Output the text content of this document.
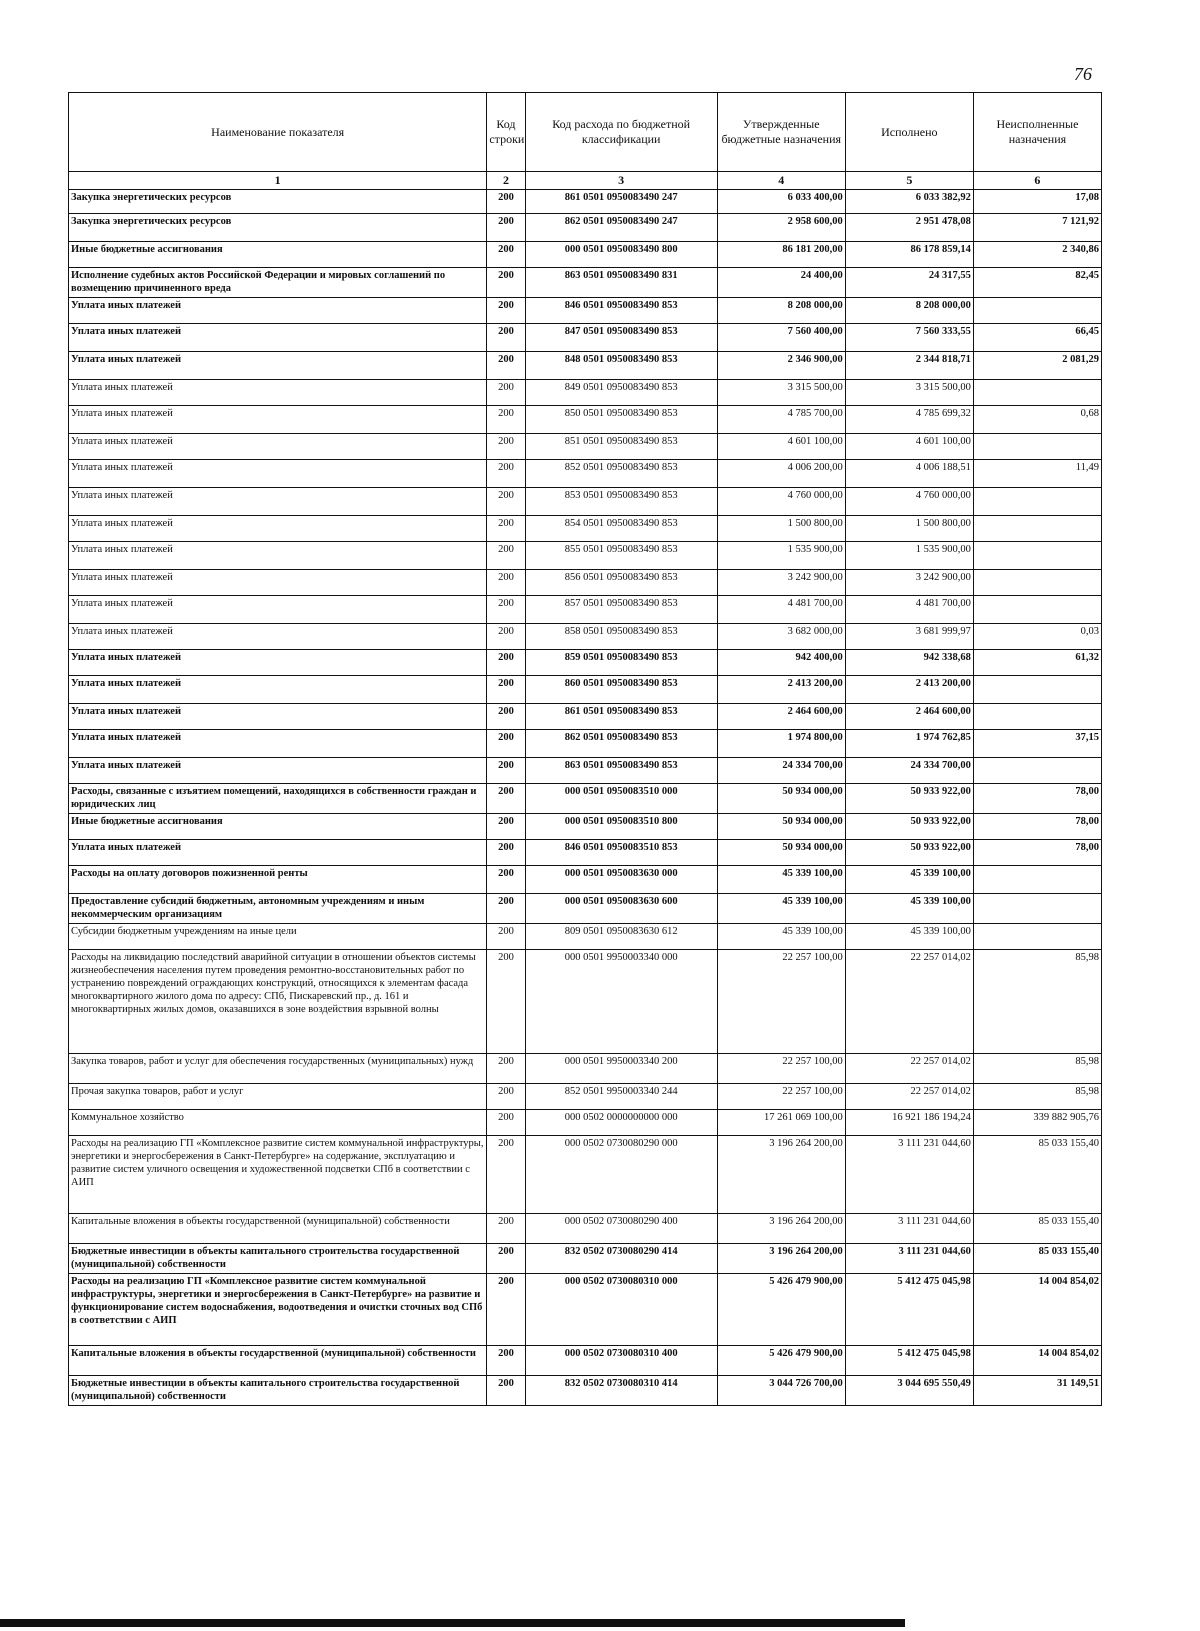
76
Наименование показателя	Код строки	Код расхода по бюджетной классификации	Утвержденные бюджетные назначения	Исполнено	Неисполненные назначения
1	2	3	4	5	6
Закупка энергетических ресурсов	200	861 0501 0950083490 247	6 033 400,00	6 033 382,92	17,08
Закупка энергетических ресурсов	200	862 0501 0950083490 247	2 958 600,00	2 951 478,08	7 121,92
Иные бюджетные ассигнования	200	000 0501 0950083490 800	86 181 200,00	86 178 859,14	2 340,86
Исполнение судебных актов Российской Федерации и мировых соглашений по возмещению причиненного вреда	200	863 0501 0950083490 831	24 400,00	24 317,55	82,45
Уплата иных платежей	200	846 0501 0950083490 853	8 208 000,00	8 208 000,00	
Уплата иных платежей	200	847 0501 0950083490 853	7 560 400,00	7 560 333,55	66,45
Уплата иных платежей	200	848 0501 0950083490 853	2 346 900,00	2 344 818,71	2 081,29
Уплата иных платежей	200	849 0501 0950083490 853	3 315 500,00	3 315 500,00	
Уплата иных платежей	200	850 0501 0950083490 853	4 785 700,00	4 785 699,32	0,68
Уплата иных платежей	200	851 0501 0950083490 853	4 601 100,00	4 601 100,00	
Уплата иных платежей	200	852 0501 0950083490 853	4 006 200,00	4 006 188,51	11,49
Уплата иных платежей	200	853 0501 0950083490 853	4 760 000,00	4 760 000,00	
Уплата иных платежей	200	854 0501 0950083490 853	1 500 800,00	1 500 800,00	
Уплата иных платежей	200	855 0501 0950083490 853	1 535 900,00	1 535 900,00	
Уплата иных платежей	200	856 0501 0950083490 853	3 242 900,00	3 242 900,00	
Уплата иных платежей	200	857 0501 0950083490 853	4 481 700,00	4 481 700,00	
Уплата иных платежей	200	858 0501 0950083490 853	3 682 000,00	3 681 999,97	0,03
Уплата иных платежей	200	859 0501 0950083490 853	942 400,00	942 338,68	61,32
Уплата иных платежей	200	860 0501 0950083490 853	2 413 200,00	2 413 200,00	
Уплата иных платежей	200	861 0501 0950083490 853	2 464 600,00	2 464 600,00	
Уплата иных платежей	200	862 0501 0950083490 853	1 974 800,00	1 974 762,85	37,15
Уплата иных платежей	200	863 0501 0950083490 853	24 334 700,00	24 334 700,00	
Расходы, связанные с изъятием помещений, находящихся в собственности граждан и юридических лиц	200	000 0501 0950083510 000	50 934 000,00	50 933 922,00	78,00
Иные бюджетные ассигнования	200	000 0501 0950083510 800	50 934 000,00	50 933 922,00	78,00
Уплата иных платежей	200	846 0501 0950083510 853	50 934 000,00	50 933 922,00	78,00
Расходы на оплату договоров пожизненной ренты	200	000 0501 0950083630 000	45 339 100,00	45 339 100,00	
Предоставление субсидий бюджетным, автономным учреждениям и иным некоммерческим организациям	200	000 0501 0950083630 600	45 339 100,00	45 339 100,00	
Субсидии бюджетным учреждениям на иные цели	200	809 0501 0950083630 612	45 339 100,00	45 339 100,00	
Расходы на ликвидацию последствий аварийной ситуации в отношении объектов системы жизнеобеспечения населения путем проведения ремонтно-восстановительных работ по устранению повреждений ограждающих конструкций, относящихся к элементам фасада многоквартирного жилого дома по адресу: СПб, Пискаревский пр., д. 161 и многоквартирных жилых домов, оказавшихся в зоне воздействия взрывной волны	200	000 0501 9950003340 000	22 257 100,00	22 257 014,02	85,98
Закупка товаров, работ и услуг для обеспечения государственных (муниципальных) нужд	200	000 0501 9950003340 200	22 257 100,00	22 257 014,02	85,98
Прочая закупка товаров, работ и услуг	200	852 0501 9950003340 244	22 257 100,00	22 257 014,02	85,98
Коммунальное хозяйство	200	000 0502 0000000000 000	17 261 069 100,00	16 921 186 194,24	339 882 905,76
Расходы на реализацию ГП «Комплексное развитие систем коммунальной инфраструктуры, энергетики и энергосбережения в Санкт-Петербурге» на содержание, эксплуатацию и развитие систем уличного освещения и художественной подсветки СПб в соответствии с АИП	200	000 0502 0730080290 000	3 196 264 200,00	3 111 231 044,60	85 033 155,40
Капитальные вложения в объекты государственной (муниципальной) собственности	200	000 0502 0730080290 400	3 196 264 200,00	3 111 231 044,60	85 033 155,40
Бюджетные инвестиции в объекты капитального строительства государственной (муниципальной) собственности	200	832 0502 0730080290 414	3 196 264 200,00	3 111 231 044,60	85 033 155,40
Расходы на реализацию ГП «Комплексное развитие систем коммунальной инфраструктуры, энергетики и энергосбережения в Санкт-Петербурге» на развитие и функционирование систем водоснабжения, водоотведения и очистки сточных вод СПб в соответствии с АИП	200	000 0502 0730080310 000	5 426 479 900,00	5 412 475 045,98	14 004 854,02
Капитальные вложения в объекты государственной (муниципальной) собственности	200	000 0502 0730080310 400	5 426 479 900,00	5 412 475 045,98	14 004 854,02
Бюджетные инвестиции в объекты капитального строительства государственной (муниципальной) собственности	200	832 0502 0730080310 414	3 044 726 700,00	3 044 695 550,49	31 149,51
